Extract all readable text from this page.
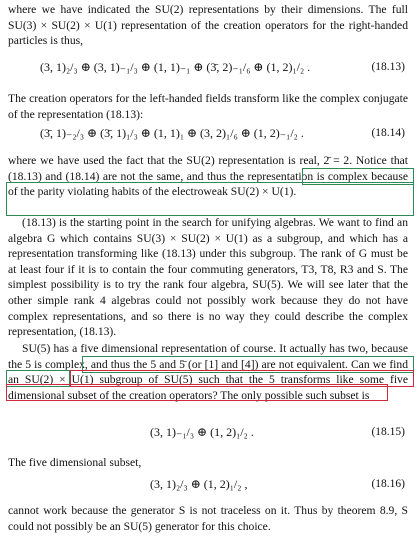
where we have indicated the SU(2) representations by their dimensions. The full SU(3) × SU(2) × U(1) representation of the creation operators for the right-handed particles is thus,

(3, 1)₂/₃ ⊕ (3, 1)₋₁/₃ ⊕ (1, 1)₋₁ ⊕ (3̄, 2)₋₁/₆ ⊕ (1, 2)₁/₂ .	(18.13)

The creation operators for the left-handed fields transform like the complex conjugate of the representation (18.13):

(3̄, 1)₋₂/₃ ⊕ (3̄, 1)₁/₃ ⊕ (1, 1)₁ ⊕ (3, 2)₁/₆ ⊕ (1, 2)₋₁/₂ .	(18.14)

where we have used the fact that the SU(2) representation is real, 2̄ = 2. Notice that (18.13) and (18.14) are not the same, and thus the representation is complex because of the parity violating habits of the electroweak SU(2) × U(1).

(18.13) is the starting point in the search for unifying algebras. We want to find an algebra G which contains SU(3) × SU(2) × U(1) as a subgroup, and which has a representation transforming like (18.13) under this subgroup. The rank of G must be at least four if it is to contain the four commuting generators, T3, T8, R3 and S. The simplest possibility is to try the rank four algebra, SU(5). We will see later that the other simple rank 4 algebras could not possibly work because they do not have complex representations, and so there is no way they could describe the complex representation, (18.13).

SU(5) has a five dimensional representation of course. It actually has two, because the 5 is complex, and thus the 5 and 5̄ (or [1] and [4]) are not equivalent. Can we find an SU(2) × U(1) subgroup of SU(5) such that the 5 transforms like some five dimensional subset of the creation operators? The only possible such subset is

(3, 1)₋₁/₃ ⊕ (1, 2)₁/₂ .	(18.15)

The five dimensional subset,

(3, 1)₂/₃ ⊕ (1, 2)₁/₂ ,	(18.16)

cannot work because the generator S is not traceless on it. Thus by theorem 8.9, S could not possibly be an SU(5) generator for this choice.
